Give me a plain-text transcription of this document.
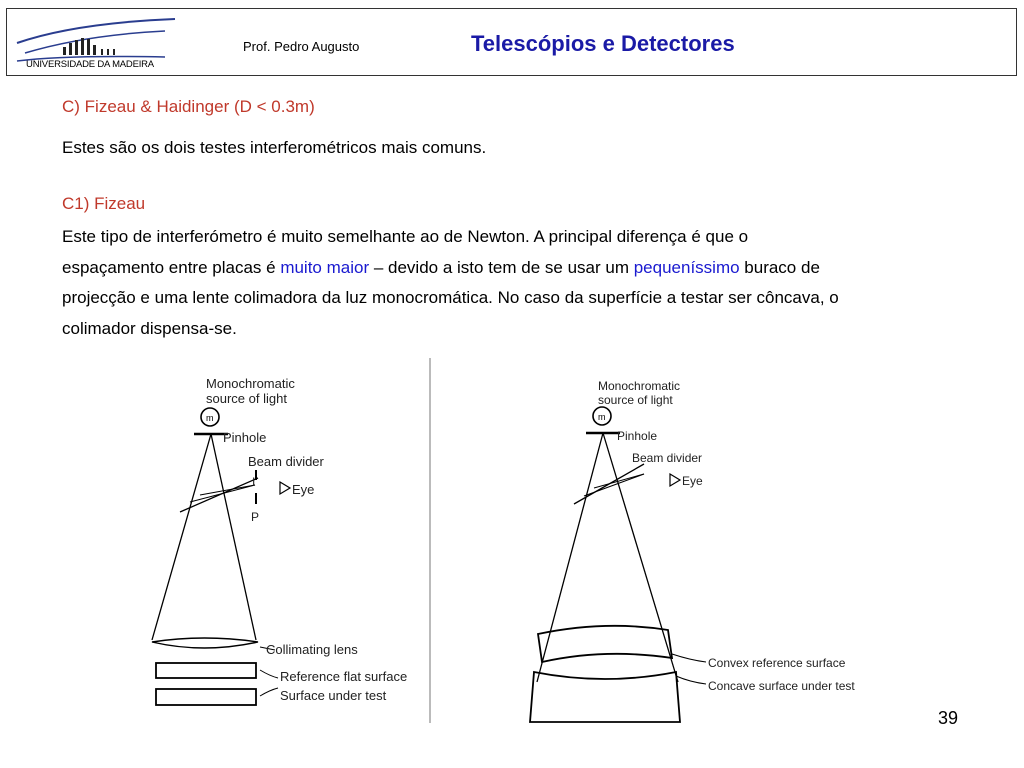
UNIVERSIDADE DA MADEIRA
Prof. Pedro Augusto	Telescópios e Detectores
C) Fizeau & Haidinger (D < 0.3m)
Estes são os dois testes interferométricos mais comuns.
C1) Fizeau
Este tipo de interferómetro é muito semelhante ao de Newton. A principal diferença é que o
espaçamento entre placas é muito maior – devido a isto tem de se usar um pequeníssimo buraco de
projecção e uma lente colimadora da luz monocromática. No caso da superfície a testar ser côncava, o
colimador dispensa-se.
m
Monochromatic
source of light
Pinhole
Beam divider
Eye
I
P
Collimating lens
Reference flat surface
Surface under test
m
Monochromatic
source of light
Pinhole
Beam divider
Eye
Convex reference surface
Concave surface under test
39
